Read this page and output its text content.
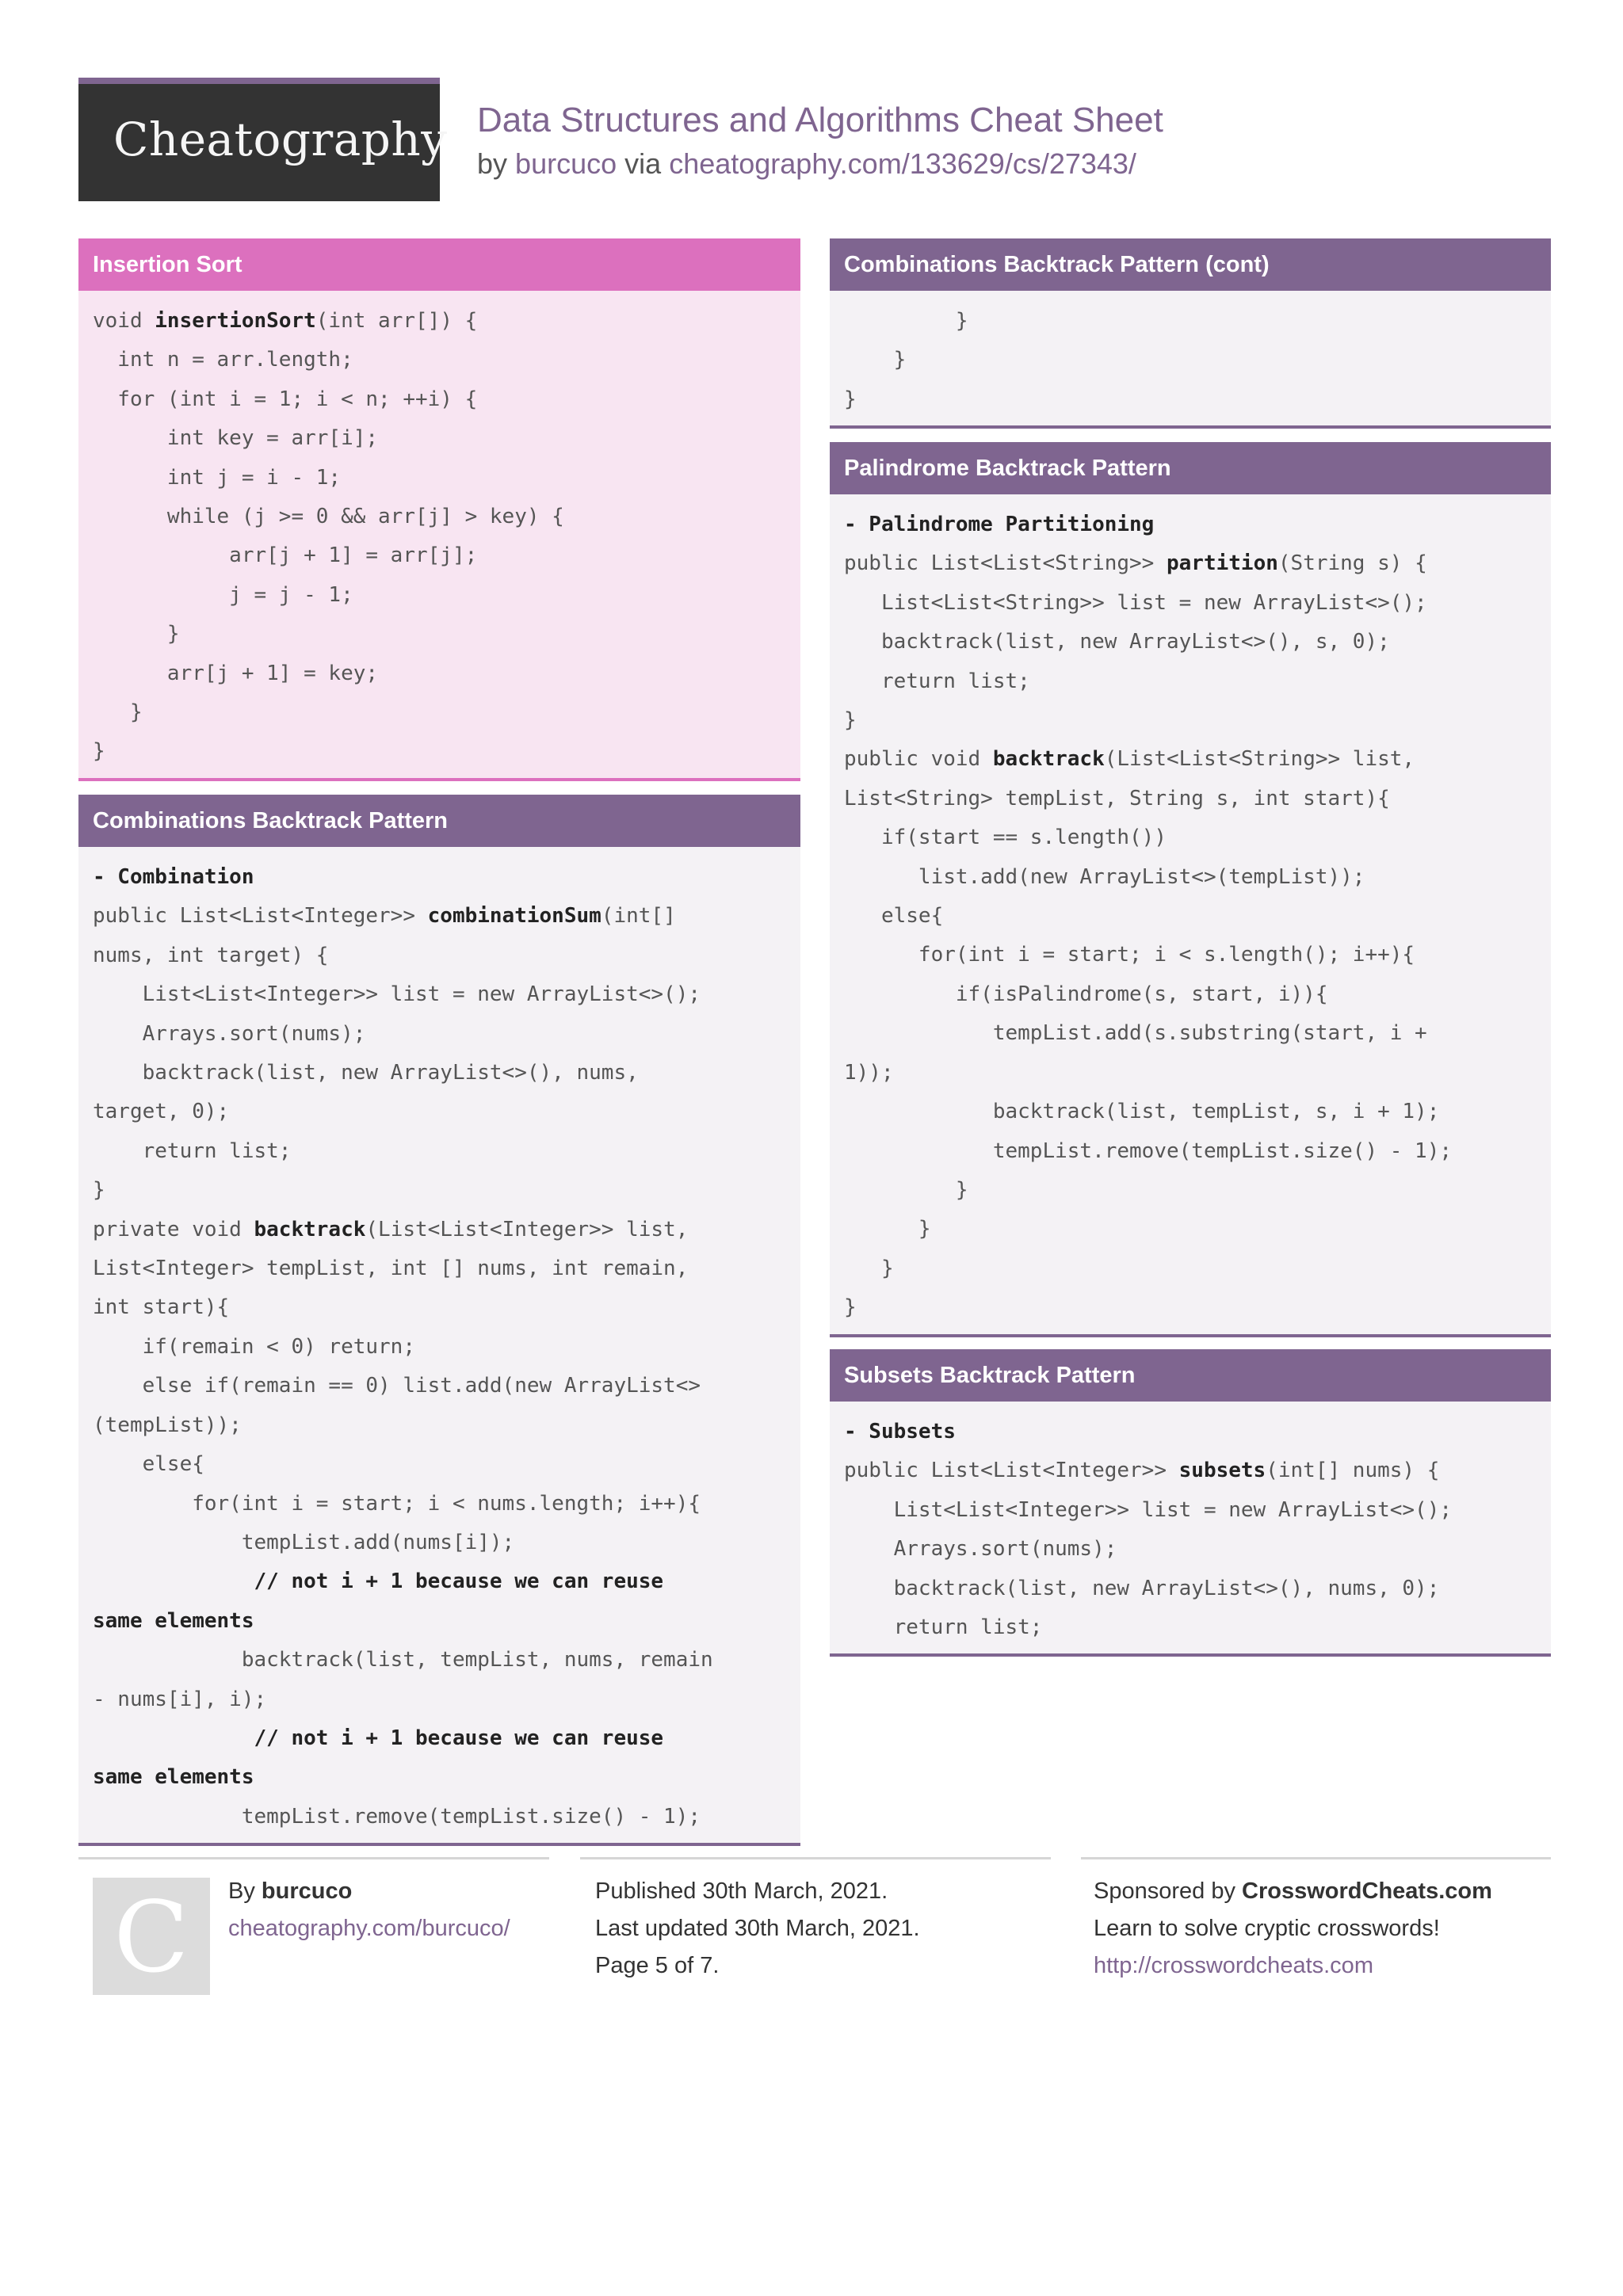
Cheatography Data Structures and Algorithms Cheat Sheet
by burcuco via cheatography.com/133629/cs/27343/
Insertion Sort
void insertionSort(int arr[]) {
int n = arr.length;
for (int i = 1; i < n; ++i) {
int key = arr[i];
int j = i - 1;
while (j >= 0 && arr[j] > key) {
arr[j + 1] = arr[j];
j = j - 1;
}
arr[j + 1] = key;
}
}
Combinations Backtrack Pattern
- Combination
public List<List<Integer>> combinationSum(int[]
nums, int target) {
List<List<Integer>> list = new ArrayList<>();
Arrays.sort(nums);
backtrack(list, new ArrayList<>(), nums,
target, 0);
return list;
}
private void backtrack(List<List<Integer>> list,
List<Integer> tempList, int [] nums, int remain,
int start){
if(remain < 0) return;
else if(remain == 0) list.add(new ArrayList<>
(tempList));
else{
for(int i = start; i < nums.length; i++){
tempList.add(nums[i]);
// not i + 1 because we can reuse
same elements
backtrack(list, tempList, nums, remain
- nums[i], i);
// not i + 1 because we can reuse
same elements
tempList.remove(tempList.size() - 1);
Combinations Backtrack Pattern (cont)
}
}
}
Palindrome Backtrack Pattern
- Palindrome Partitioning
public List<List<String>> partition(String s) {
List<List<String>> list = new ArrayList<>();
backtrack(list, new ArrayList<>(), s, 0);
return list;
}
public void backtrack(List<List<String>> list,
List<String> tempList, String s, int start){
if(start == s.length())
list.add(new ArrayList<>(tempList));
else{
for(int i = start; i < s.length(); i++){
if(isPalindrome(s, start, i)){
tempList.add(s.substring(start, i +
1));
backtrack(list, tempList, s, i + 1);
tempList.remove(tempList.size() - 1);
}
}
}
}
Subsets Backtrack Pattern
- Subsets
public List<List<Integer>> subsets(int[] nums) {
List<List<Integer>> list = new ArrayList<>();
Arrays.sort(nums);
backtrack(list, new ArrayList<>(), nums, 0);
return list;
C	By burcuco
cheatography.com/burcuco/
Published 30th March, 2021.
Last updated 30th March, 2021.
Page 5 of 7.
Sponsored by CrosswordCheats.com
Learn to solve cryptic crosswords!
http://crosswordcheats.com
